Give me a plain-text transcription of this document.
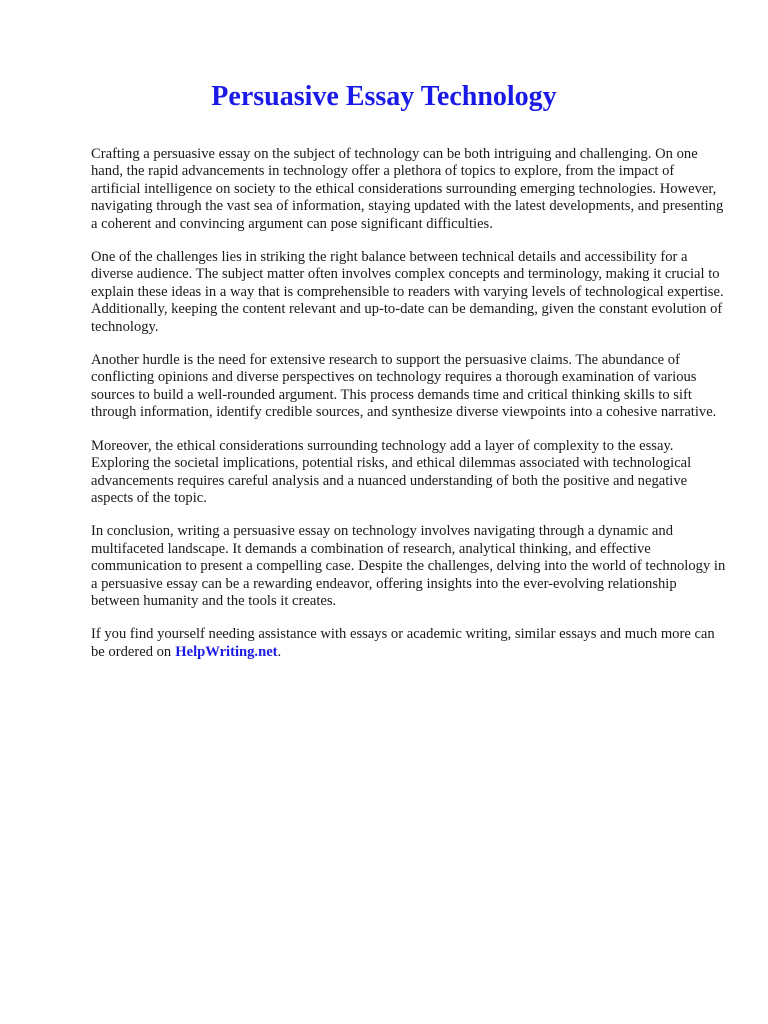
Persuasive Essay Technology

Crafting a persuasive essay on the subject of technology can be both intriguing and challenging. On one hand, the rapid advancements in technology offer a plethora of topics to explore, from the impact of artificial intelligence on society to the ethical considerations surrounding emerging technologies. However, navigating through the vast sea of information, staying updated with the latest developments, and presenting a coherent and convincing argument can pose significant difficulties.

One of the challenges lies in striking the right balance between technical details and accessibility for a diverse audience. The subject matter often involves complex concepts and terminology, making it crucial to explain these ideas in a way that is comprehensible to readers with varying levels of technological expertise. Additionally, keeping the content relevant and up-to-date can be demanding, given the constant evolution of technology.

Another hurdle is the need for extensive research to support the persuasive claims. The abundance of conflicting opinions and diverse perspectives on technology requires a thorough examination of various sources to build a well-rounded argument. This process demands time and critical thinking skills to sift through information, identify credible sources, and synthesize diverse viewpoints into a cohesive narrative.

Moreover, the ethical considerations surrounding technology add a layer of complexity to the essay. Exploring the societal implications, potential risks, and ethical dilemmas associated with technological advancements requires careful analysis and a nuanced understanding of both the positive and negative aspects of the topic.

In conclusion, writing a persuasive essay on technology involves navigating through a dynamic and multifaceted landscape. It demands a combination of research, analytical thinking, and effective communication to present a compelling case. Despite the challenges, delving into the world of technology in a persuasive essay can be a rewarding endeavor, offering insights into the ever-evolving relationship between humanity and the tools it creates.

If you find yourself needing assistance with essays or academic writing, similar essays and much more can be ordered on HelpWriting.net.
